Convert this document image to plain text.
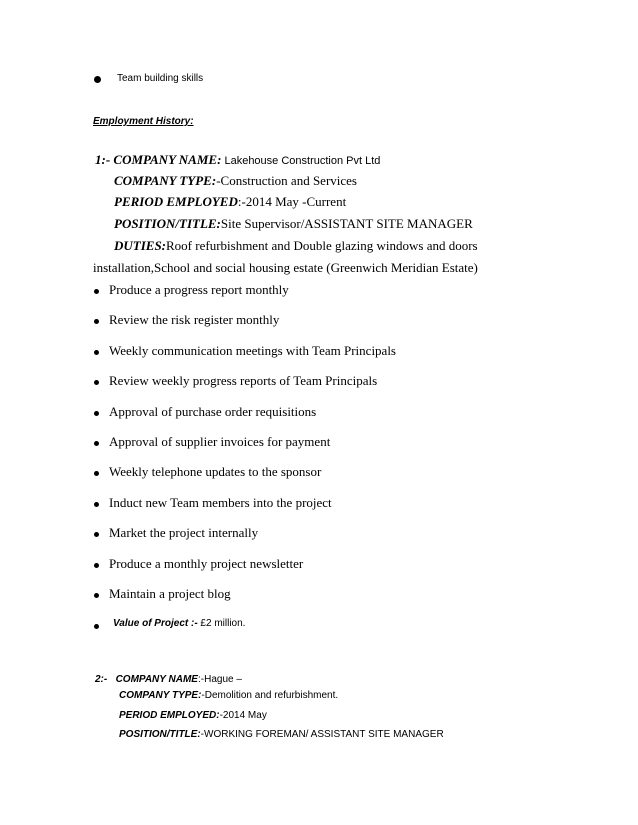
Team building skills
Employment History:
1:- COMPANY NAME: Lakehouse Construction Pvt Ltd
COMPANY TYPE:-Construction and Services
PERIOD EMPLOYED:-2014 May -Current
POSITION/TITLE:Site Supervisor/ASSISTANT SITE MANAGER
DUTIES:Roof refurbishment and Double glazing windows and doors
installation,School and social housing estate (Greenwich Meridian Estate)
Produce a progress report monthly
Review the risk register monthly
Weekly communication meetings with Team Principals
Review weekly progress reports of Team Principals
Approval of purchase order requisitions
Approval of supplier invoices for payment
Weekly telephone updates to the sponsor
Induct new Team members into the project
Market the project internally
Produce a monthly project newsletter
Maintain a project blog
Value of Project :- £2 million.
2:-   COMPANY NAME:-Hague –
COMPANY TYPE:-Demolition and refurbishment.
PERIOD EMPLOYED:-2014 May
POSITION/TITLE:-WORKING FOREMAN/ ASSISTANT SITE MANAGER
